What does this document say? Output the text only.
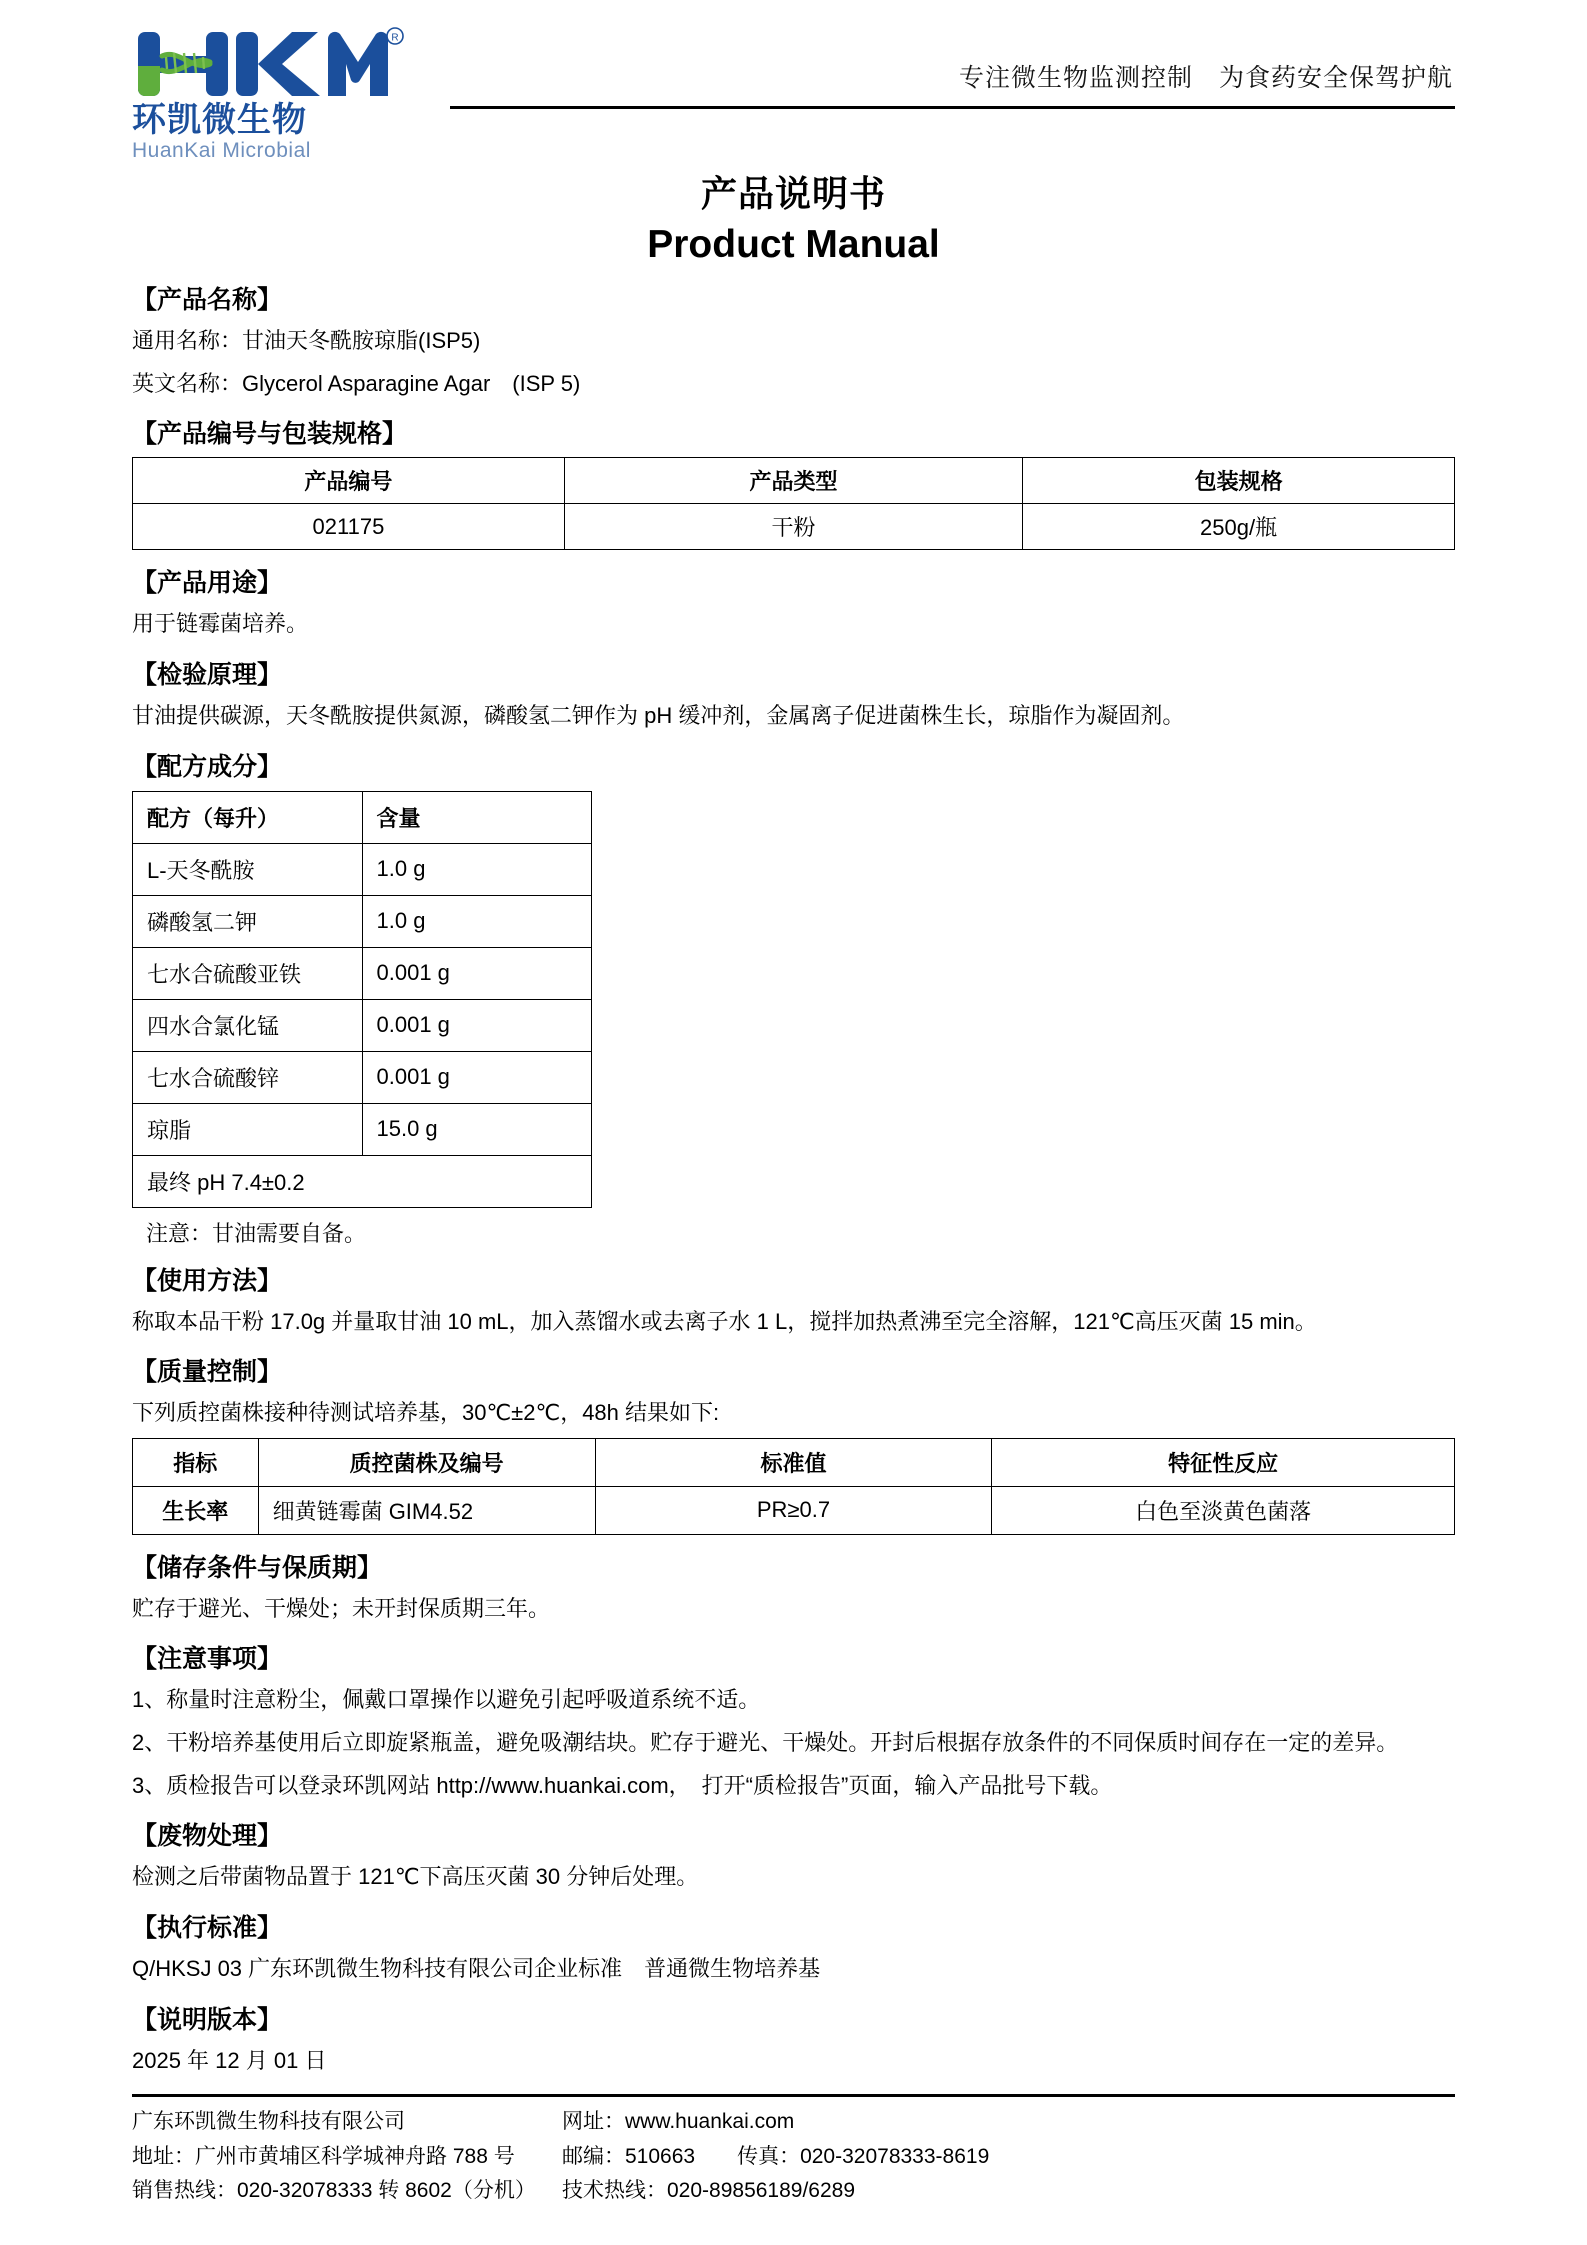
R
环凯微生物
HuanKai Microbial
专注微生物监测控制　为食药安全保驾护航
产品说明书
Product Manual
【产品名称】
通用名称：甘油天冬酰胺琼脂(ISP5)
英文名称：Glycerol Asparagine Agar　(ISP 5)
【产品编号与包装规格】
产品编号	产品类型	包装规格
021175	干粉	250g/瓶
【产品用途】
用于链霉菌培养。
【检验原理】
甘油提供碳源，天冬酰胺提供氮源，磷酸氢二钾作为 pH 缓冲剂，金属离子促进菌株生长，琼脂作为凝固剂。
【配方成分】
配方（每升）	含量
L-天冬酰胺	1.0 g
磷酸氢二钾	1.0 g
七水合硫酸亚铁	0.001 g
四水合氯化锰	0.001 g
七水合硫酸锌	0.001 g
琼脂	15.0 g
最终 pH 7.4±0.2	
注意：甘油需要自备。
【使用方法】
称取本品干粉 17.0g 并量取甘油 10 mL，加入蒸馏水或去离子水 1 L，搅拌加热煮沸至完全溶解，121℃高压灭菌 15 min。
【质量控制】
下列质控菌株接种待测试培养基，30℃±2℃，48h 结果如下:
指标	质控菌株及编号	标准值	特征性反应
生长率	细黄链霉菌 GIM4.52	PR≥0.7	白色至淡黄色菌落
【储存条件与保质期】
贮存于避光、干燥处；未开封保质期三年。
【注意事项】
1、称量时注意粉尘，佩戴口罩操作以避免引起呼吸道系统不适。
2、干粉培养基使用后立即旋紧瓶盖，避免吸潮结块。贮存于避光、干燥处。开封后根据存放条件的不同保质时间存在一定的差异。
3、质检报告可以登录环凯网站 http://www.huankai.com，　打开“质检报告”页面，输入产品批号下载。
【废物处理】
检测之后带菌物品置于 121℃下高压灭菌 30 分钟后处理。
【执行标准】
Q/HKSJ 03 广东环凯微生物科技有限公司企业标准　普通微生物培养基
【说明版本】
2025 年 12 月 01 日
广东环凯微生物科技有限公司
地址：广州市黄埔区科学城神舟路 788 号
销售热线：020-32078333 转 8602（分机）
网址：www.huankai.com
邮编：510663　　传真：020-32078333-8619
技术热线：020-89856189/6289
